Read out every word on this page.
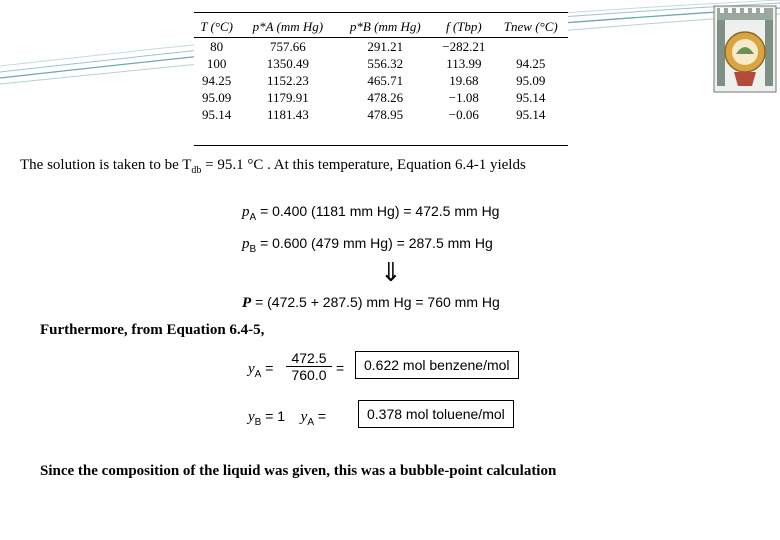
T (°C)	p*A (mm Hg)	p*B (mm Hg)	f (Tbp)	Tnew (°C)
80	757.66	291.21	−282.21	
100	1350.49	556.32	113.99	94.25
94.25	1152.23	465.71	19.68	95.09
95.09	1179.91	478.26	−1.08	95.14
95.14	1181.43	478.95	−0.06	95.14
The solution is taken to be $T_{db} = 95.1$ °C . At this temperature, Equation 6.4-1 yields
$p_A = 0.400$ (1181 mm Hg) = 472.5 mm Hg
$p_B = 0.600$ (479 mm Hg) = 287.5 mm Hg
⇓
P = (472.5 + 287.5) mm Hg = 760 mm Hg
Furthermore, from Equation 6.4-5,
$y_A = \frac{472.5}{760.0}$ =	0.622 mol benzene/mol
$y_B = 1$ $y_A$ =	0.378 mol toluene/mol
Since the composition of the liquid was given, this was a bubble-point calculation
